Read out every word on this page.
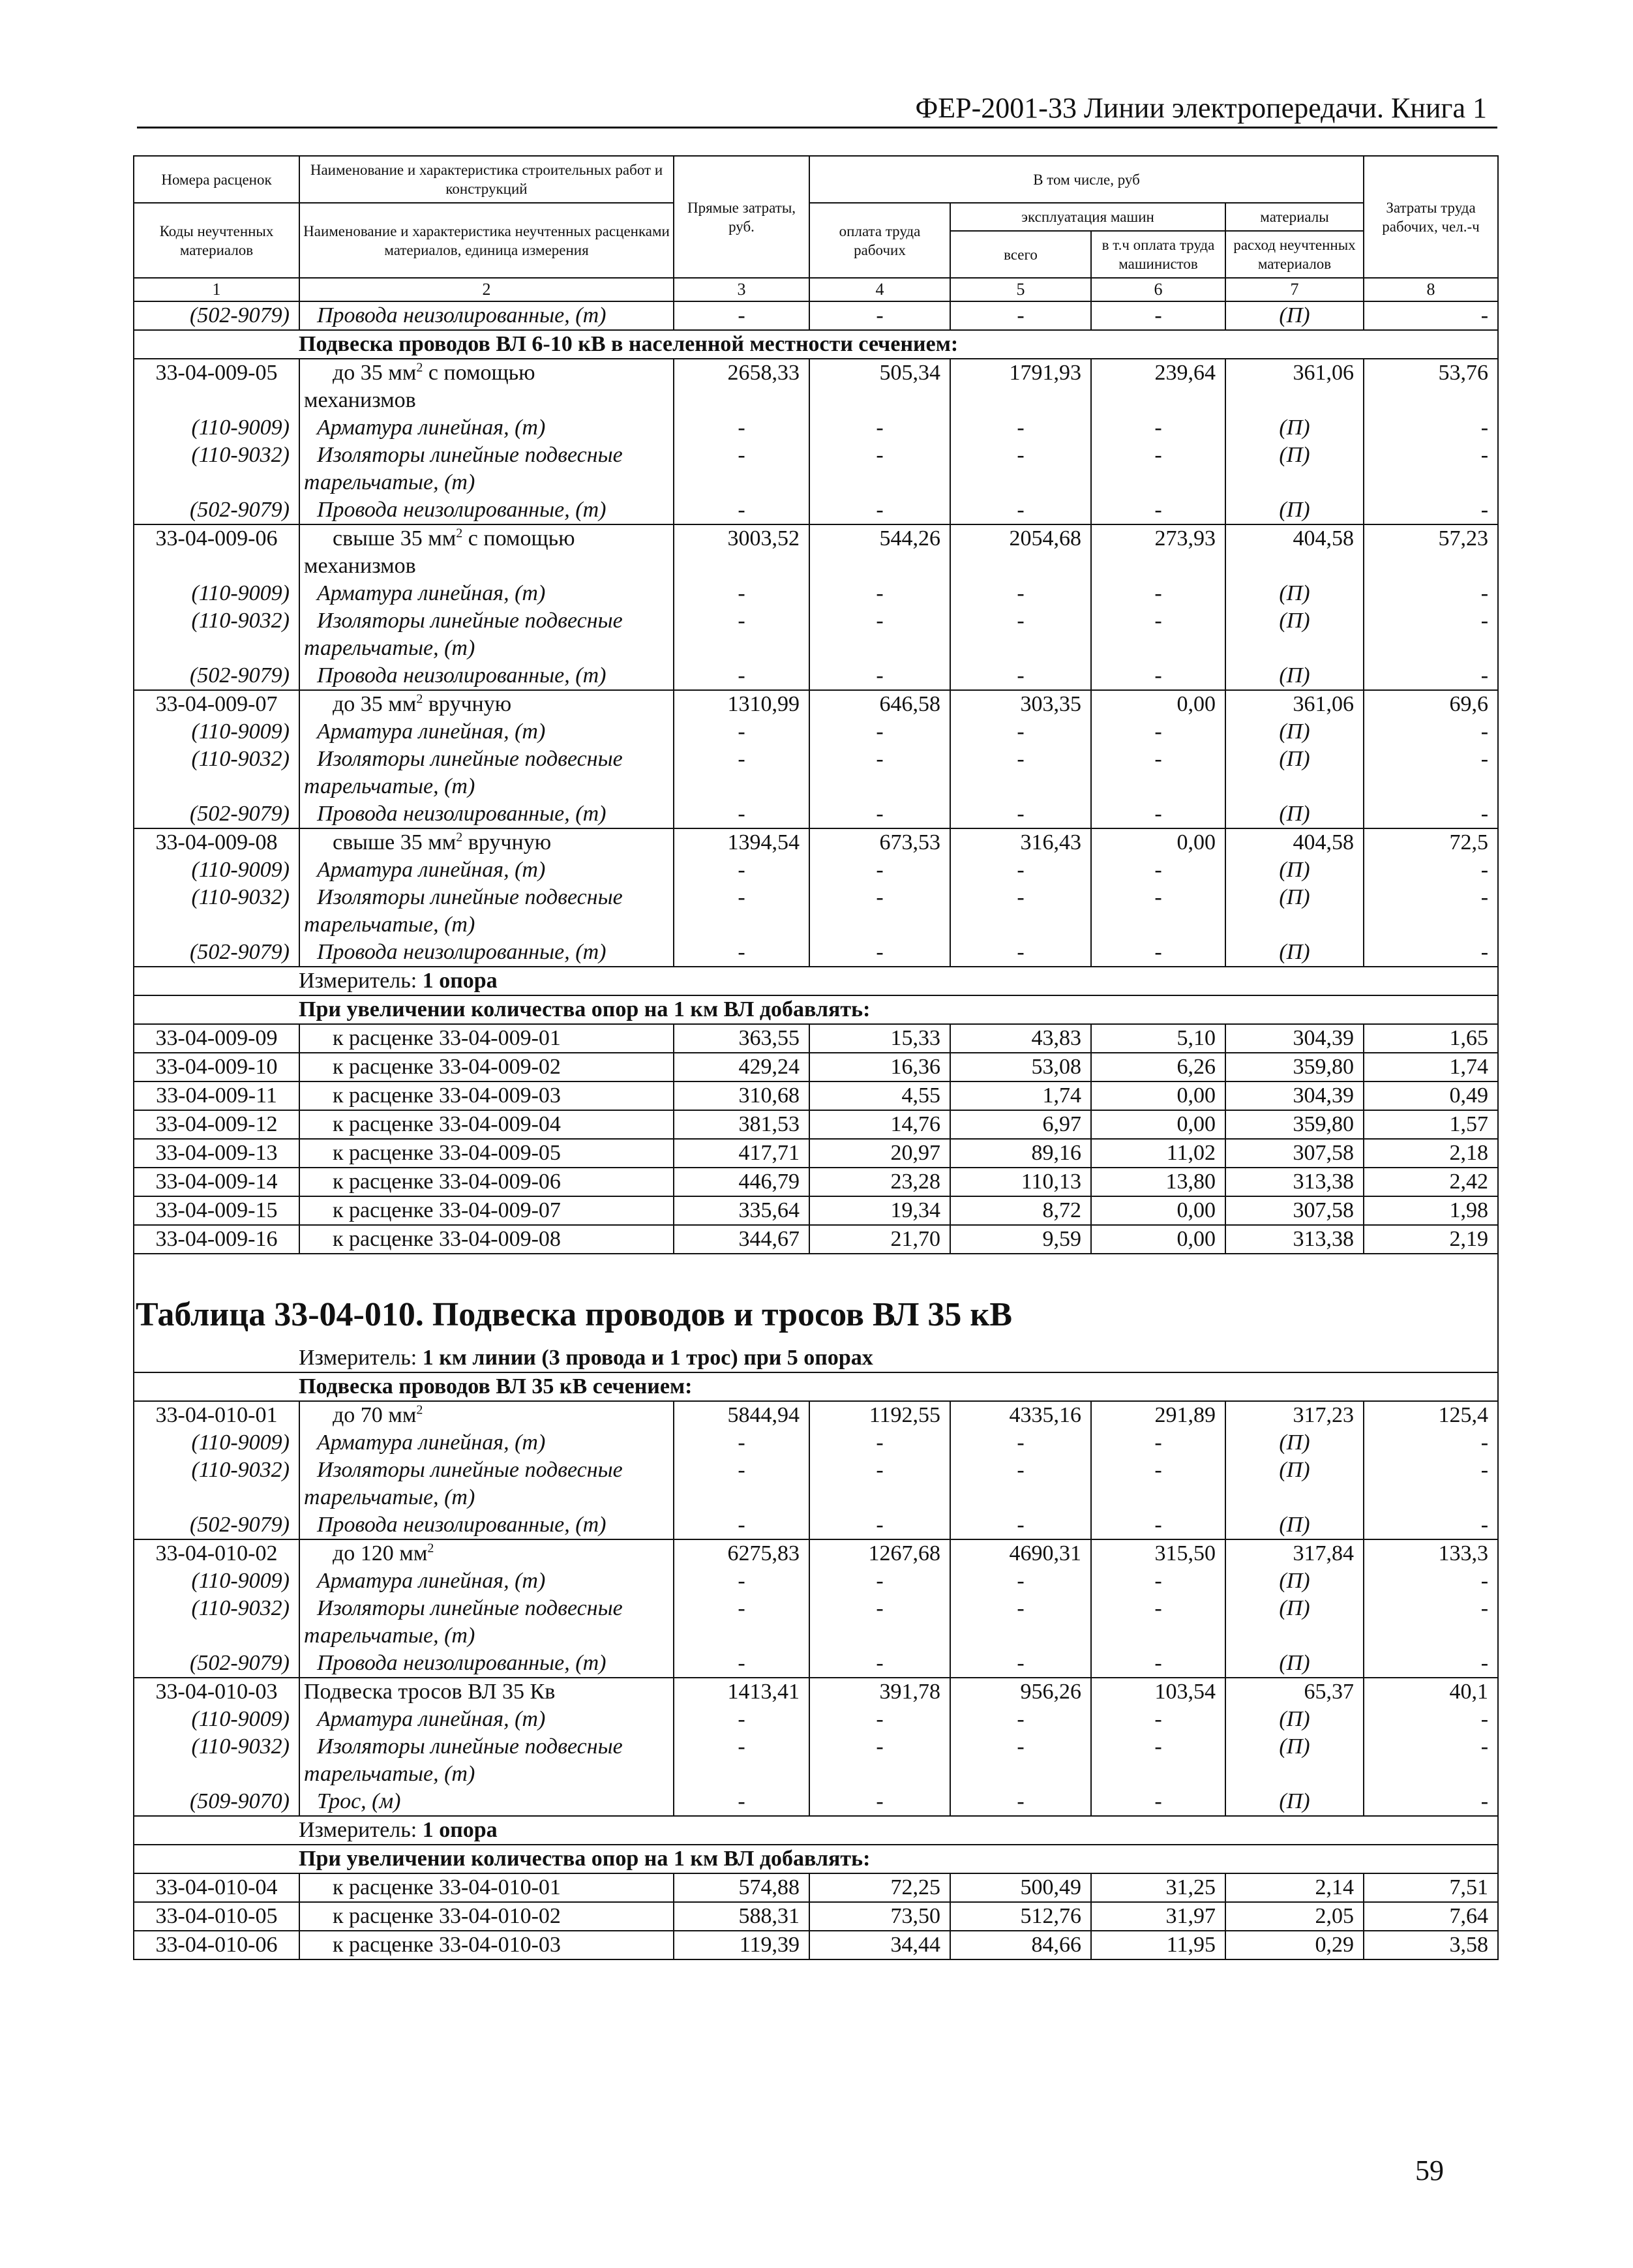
ФЕР-2001-33 Линии электропередачи. Книга 1
Номера расценок	Наименование и характеристика строительных работ и конструкций	Прямые затраты, руб.	В том числе, руб				Затраты труда рабочих, чел.-ч
Коды неучтенных материалов	Наименование и характеристика неучтенных расценками материалов, единица измерения		оплата труда рабочих	эксплуатация машин		материалы	
				всего	в т.ч оплата труда машинистов	расход неучтенных материалов	
1	2	3	4	5	6	7	8
(502-9079)	Провода неизолированные, (т)	-	-	-	-	(П)	-

Подвеска проводов ВЛ 6-10 кВ в населенной местности сечением:							

33-04-009-05	до 35 $мм^2$ с помощью	2658,33	505,34	1791,93	239,64	361,06	53,76
	механизмов						
(110-9009)	Арматура линейная, (т)	-	-	-	-	(П)	-
(110-9032)	Изоляторы линейные подвесные	-	-	-	-	(П)	-
	тарельчатые, (т)						
(502-9079)	Провода неизолированные, (т)	-	-	-	-	(П)	-
33-04-009-06	свыше 35 $мм^2$ с помощью	3003,52	544,26	2054,68	273,93	404,58	57,23
	механизмов						
(110-9009)	Арматура линейная, (т)	-	-	-	-	(П)	-
(110-9032)	Изоляторы линейные подвесные	-	-	-	-	(П)	-
	тарельчатые, (т)						
(502-9079)	Провода неизолированные, (т)	-	-	-	-	(П)	-
33-04-009-07	до 35 $мм^2$ вручную	1310,99	646,58	303,35	0,00	361,06	69,6
(110-9009)	Арматура линейная, (т)	-	-	-	-	(П)	-
(110-9032)	Изоляторы линейные подвесные	-	-	-	-	(П)	-
	тарельчатые, (т)						
(502-9079)	Провода неизолированные, (т)	-	-	-	-	(П)	-
33-04-009-08	свыше 35 $мм^2$ вручную	1394,54	673,53	316,43	0,00	404,58	72,5
(110-9009)	Арматура линейная, (т)	-	-	-	-	(П)	-
(110-9032)	Изоляторы линейные подвесные	-	-	-	-	(П)	-
	тарельчатые, (т)						
(502-9079)	Провода неизолированные, (т)	-	-	-	-	(П)	-

Измеритель: 1 опора							

При увеличении количества опор на 1 км ВЛ добавлять:							

33-04-009-09	к расценке 33-04-009-01	363,55	15,33	43,83	5,10	304,39	1,65
33-04-009-10	к расценке 33-04-009-02	429,24	16,36	53,08	6,26	359,80	1,74
33-04-009-11	к расценке 33-04-009-03	310,68	4,55	1,74	0,00	304,39	0,49
33-04-009-12	к расценке 33-04-009-04	381,53	14,76	6,97	0,00	359,80	1,57
33-04-009-13	к расценке 33-04-009-05	417,71	20,97	89,16	11,02	307,58	2,18
33-04-009-14	к расценке 33-04-009-06	446,79	23,28	110,13	13,80	313,38	2,42
33-04-009-15	к расценке 33-04-009-07	335,64	19,34	8,72	0,00	307,58	1,98
33-04-009-16	к расценке 33-04-009-08	344,67	21,70	9,59	0,00	313,38	2,19

Таблица 33-04-010. Подвеска проводов и тросов ВЛ 35 кВ							

Измеритель: 1 км линии (3 провода и 1 трос) при 5 опорах							

Подвеска проводов ВЛ 35 кВ сечением:							

33-04-010-01	до 70 $мм^2$	5844,94	1192,55	4335,16	291,89	317,23	125,4
(110-9009)	Арматура линейная, (т)	-	-	-	-	(П)	-
(110-9032)	Изоляторы линейные подвесные	-	-	-	-	(П)	-
	тарельчатые, (т)						
(502-9079)	Провода неизолированные, (т)	-	-	-	-	(П)	-
33-04-010-02	до 120 $мм^2$	6275,83	1267,68	4690,31	315,50	317,84	133,3
(110-9009)	Арматура линейная, (т)	-	-	-	-	(П)	-
(110-9032)	Изоляторы линейные подвесные	-	-	-	-	(П)	-
	тарельчатые, (т)						
(502-9079)	Провода неизолированные, (т)	-	-	-	-	(П)	-
33-04-010-03	Подвеска тросов ВЛ 35 Кв	1413,41	391,78	956,26	103,54	65,37	40,1
(110-9009)	Арматура линейная, (т)	-	-	-	-	(П)	-
(110-9032)	Изоляторы линейные подвесные	-	-	-	-	(П)	-
	тарельчатые, (т)						
(509-9070)	Трос, (м)	-	-	-	-	(П)	-

Измеритель: 1 опора							

При увеличении количества опор на 1 км ВЛ добавлять:							

33-04-010-04	к расценке 33-04-010-01	574,88	72,25	500,49	31,25	2,14	7,51
33-04-010-05	к расценке 33-04-010-02	588,31	73,50	512,76	31,97	2,05	7,64
33-04-010-06	к расценке 33-04-010-03	119,39	34,44	84,66	11,95	0,29	3,58
59
